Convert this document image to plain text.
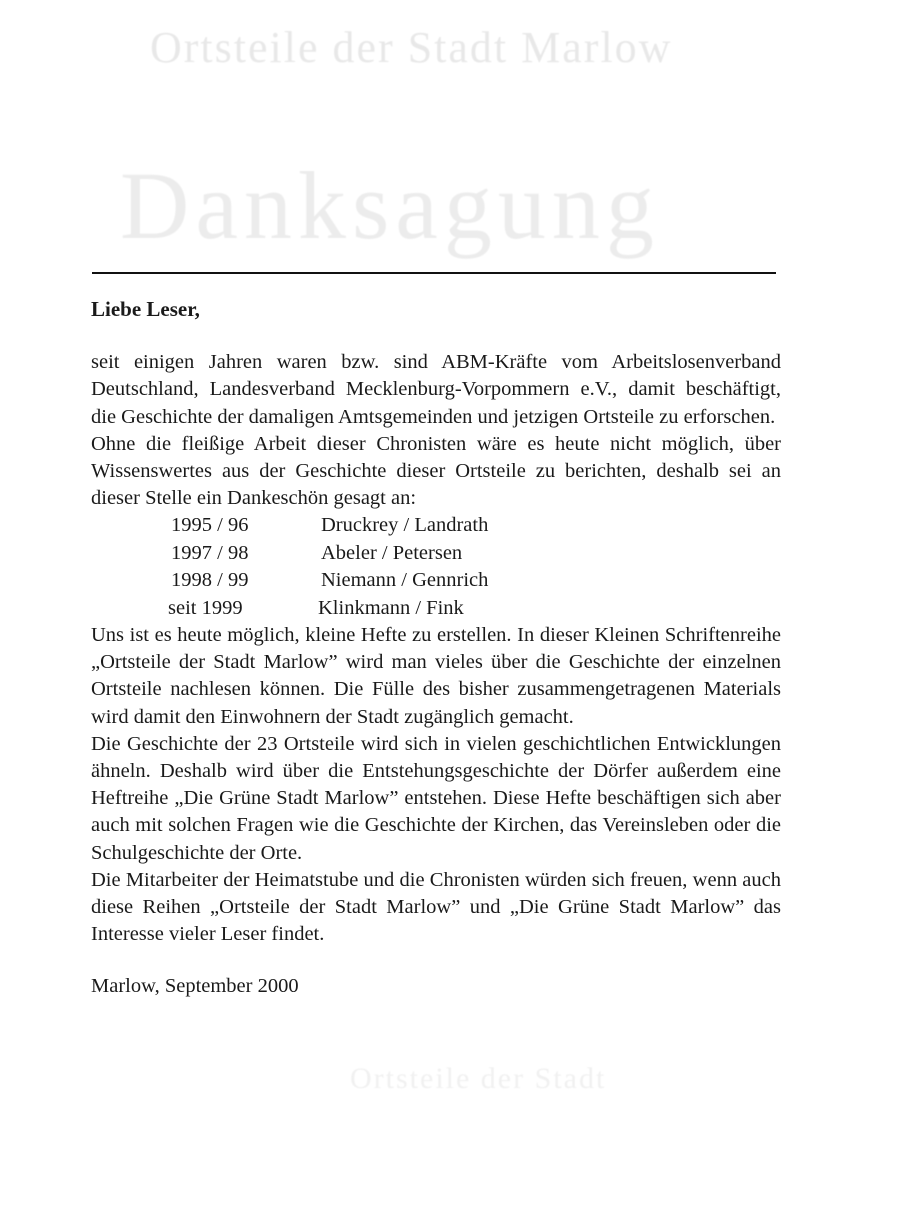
Ortsteile der Stadt Marlow
Danksagung
Ortsteile der Stadt
Liebe Leser,

seit einigen Jahren waren bzw. sind ABM-Kräfte vom Arbeitslosenverband Deutschland, Landesverband Mecklenburg-Vorpommern e.V., damit beschäftigt, die Geschichte der damaligen Amtsgemeinden und jetzigen Ortsteile zu erforschen.

Ohne die fleißige Arbeit dieser Chronisten wäre es heute nicht möglich, über Wissenswertes aus der Geschichte dieser Ortsteile zu berichten, deshalb sei an dieser Stelle ein Dankeschön gesagt an:

1995 / 96	Druckrey / Landrath
1997 / 98	Abeler / Petersen
1998 / 99	Niemann / Gennrich
seit 1999	Klinkmann / Fink

Uns ist es heute möglich, kleine Hefte zu erstellen. In dieser Kleinen Schriftenreihe „Ortsteile der Stadt Marlow” wird man vieles über die Geschichte der einzelnen Ortsteile nachlesen können. Die Fülle des bisher zusammengetragenen Materials wird damit den Einwohnern der Stadt zugänglich gemacht.

Die Geschichte der 23 Ortsteile wird sich in vielen geschichtlichen Entwicklungen ähneln. Deshalb wird über die Entstehungsgeschichte der Dörfer außerdem eine Heftreihe „Die Grüne Stadt Marlow” entstehen. Diese Hefte beschäftigen sich aber auch mit solchen Fragen wie die Geschichte der Kirchen, das Vereinsleben oder die Schulgeschichte der Orte.

Die Mitarbeiter der Heimatstube und die Chronisten würden sich freuen, wenn auch diese Reihen „Ortsteile der Stadt Marlow” und „Die Grüne Stadt Marlow” das Interesse vieler Leser findet.

Marlow, September 2000
